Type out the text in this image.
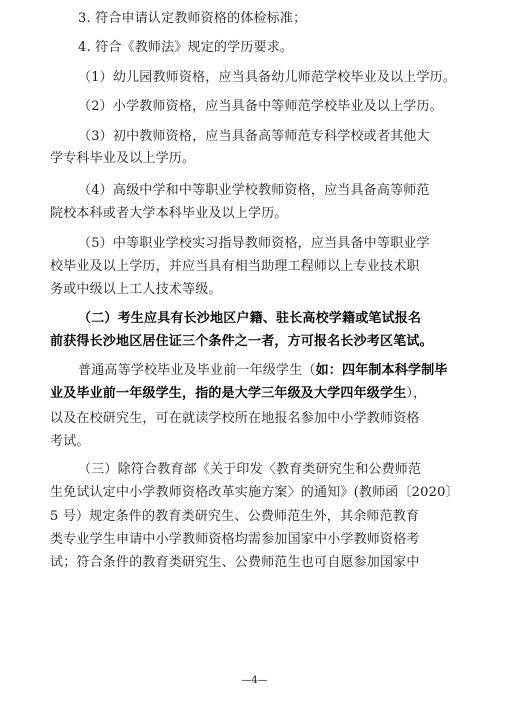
3. 符合申请认定教师资格的体检标准；
4. 符合《教师法》规定的学历要求。
（1）幼儿园教师资格，应当具备幼儿师范学校毕业及以上学历。
（2）小学教师资格，应当具备中等师范学校毕业及以上学历。
（3）初中教师资格，应当具备高等师范专科学校或者其他大
学专科毕业及以上学历。
（4）高级中学和中等职业学校教师资格，应当具备高等师范
院校本科或者大学本科毕业及以上学历。
（5）中等职业学校实习指导教师资格，应当具备中等职业学
校毕业及以上学历，并应当具有相当助理工程师以上专业技术职
务或中级以上工人技术等级。
（二）考生应具有长沙地区户籍、驻长高校学籍或笔试报名
前获得长沙地区居住证三个条件之一者，方可报名长沙考区笔试。
普通高等学校毕业及毕业前一年级学生（如：四年制本科学制毕
业及毕业前一年级学生，指的是大学三年级及大学四年级学生），
以及在校研究生，可在就读学校所在地报名参加中小学教师资格
考试。
（三）除符合教育部《关于印发〈教育类研究生和公费师范
生免试认定中小学教师资格改革实施方案〉的通知》(教师函〔2020〕
5 号）规定条件的教育类研究生、公费师范生外，其余师范教育
类专业学生申请中小学教师资格均需参加国家中小学教师资格考
试；符合条件的教育类研究生、公费师范生也可自愿参加国家中
—4—
